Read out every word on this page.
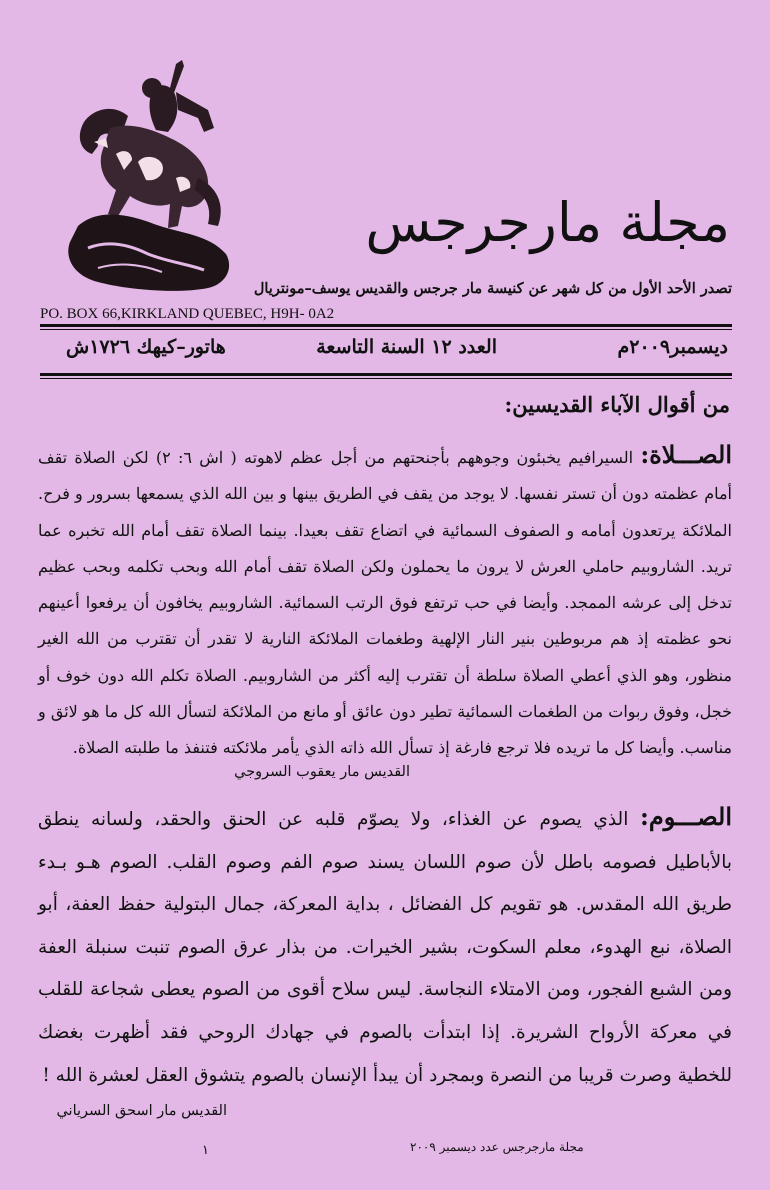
مجلة مارجرجس
تصدر الأحد الأول من كل شهر عن كنيسة مار جرجس والقديس يوسف–مونتريال
PO. BOX 66,KIRKLAND QUEBEC, H9H- 0A2
ديسمبر٢٠٠٩م
العدد ١٢ السنة التاسعة
هاتور–كيهك ١٧٢٦ش
من أقوال الآباء القديسين:

الصـــلاة: السيرافيم يخبئون وجوههم بأجنحتهم من أجل عظم لاهوته ( اش ٦: ٢) لكن الصلاة تقف أمام عظمته دون أن تستر نفسها. لا يوجد من يقف في الطريق بينها و بين الله الذي يسمعها بسرور و فرح. الملائكة يرتعدون أمامه و الصفوف السمائية في اتضاع تقف بعيدا. بينما الصلاة تقف أمام الله تخبره عما تريد. الشاروبيم حاملي العرش لا يرون ما يحملون ولكن الصلاة تقف أمام الله وبحب تكلمه وبحب عظيم تدخل إلى عرشه الممجد. وأيضا في حب ترتفع فوق الرتب السمائية. الشاروبيم يخافون أن يرفعوا أعينهم نحو عظمته إذ هم مربوطين بنير النار الإلهية وطغمات الملائكة النارية لا تقدر أن تقترب من الله الغير منظور، وهو الذي أعطي الصلاة سلطة أن تقترب إليه أكثر من الشاروبيم. الصلاة تكلم الله دون خوف أو خجل، وفوق ربوات من الطغمات السمائية تطير دون عائق أو مانع من الملائكة لتسأل الله كل ما هو لائق و مناسب. وأيضا كل ما تريده فلا ترجع فارغة إذ تسأل الله ذاته الذي يأمر ملائكته فتنفذ ما طلبته الصلاة.

القديس مار يعقوب السروجي

الصـــوم: الذي يصوم عن الغذاء، ولا يصوّم قلبه عن الحنق والحقد، ولسانه ينطق بالأباطيل فصومه باطل لأن صوم اللسان يسند صوم الفم وصوم القلب. الصوم هـو بـدء طريق الله المقدس. هو تقويم كل الفضائل ، بداية المعركة، جمال البتولية حفظ العفة، أبو الصلاة، نبع الهدوء، معلم السكوت، بشير الخيرات. من بذار عرق الصوم تنبت سنبلة العفة ومن الشبع الفجور، ومن الامتلاء النجاسة. ليس سلاح أقوى من الصوم يعطى شجاعة للقلب في معركة الأرواح الشريرة. إذا ابتدأت بالصوم في جهادك الروحي فقد أظهرت بغضك للخطية وصرت قريبا من النصرة وبمجرد أن يبدأ الإنسان بالصوم يتشوق العقل لعشرة الله !

القديس مار اسحق السرياني
١	مجلة مارجرجس عدد ديسمبر ٢٠٠٩
